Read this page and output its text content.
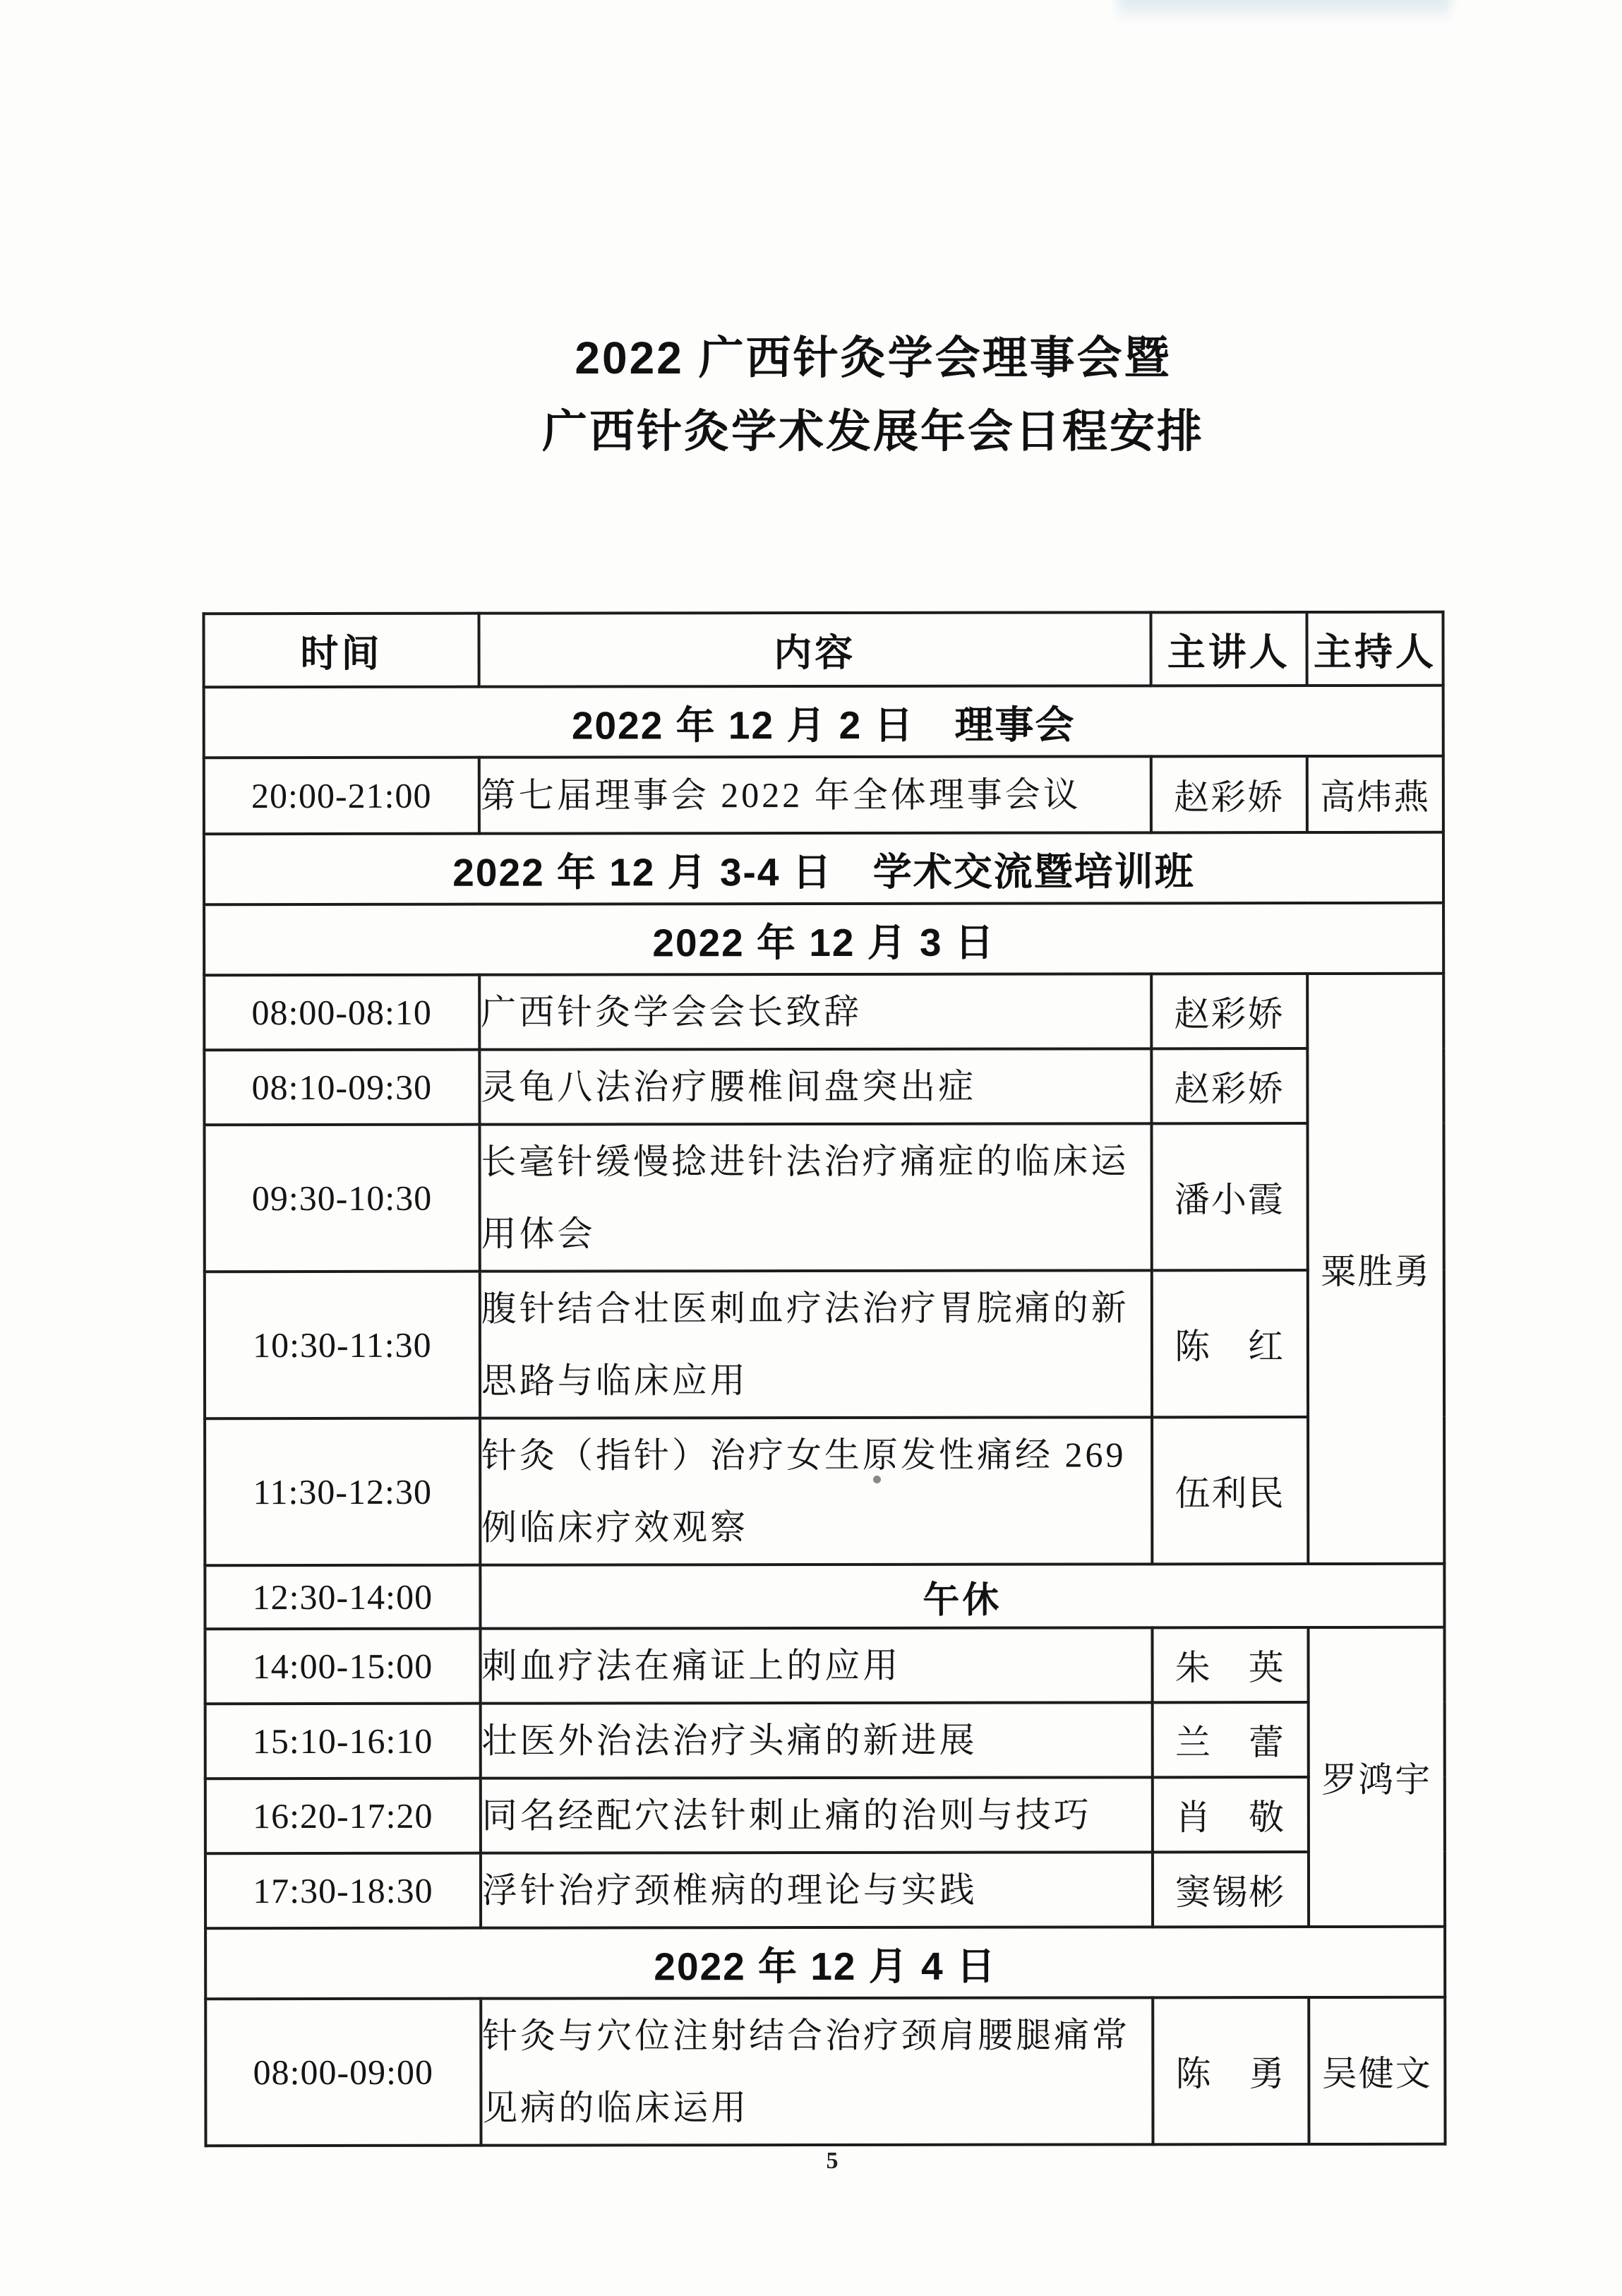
2022 广西针灸学会理事会暨
广西针灸学术发展年会日程安排
时间	内容	主讲人	主持人
2022 年 12 月 2 日　理事会			
20:00-21:00	第七届理事会 2022 年全体理事会议	赵彩娇	高炜燕
2022 年 12 月 3-4 日　学术交流暨培训班			
2022 年 12 月 3 日			
08:00-08:10	广西针灸学会会长致辞	赵彩娇	粟胜勇
08:10-09:30	灵龟八法治疗腰椎间盘突出症	赵彩娇	
09:30-10:30	长毫针缓慢捻进针法治疗痛症的临床运用体会	潘小霞	
10:30-11:30	腹针结合壮医刺血疗法治疗胃脘痛的新思路与临床应用	陈　红	
11:30-12:30	针灸（指针）治疗女生原发性痛经 269 例临床疗效观察	伍利民	
12:30-14:00	午休		
14:00-15:00	刺血疗法在痛证上的应用	朱　英	罗鸿宇
15:10-16:10	壮医外治法治疗头痛的新进展	兰　蕾	
16:20-17:20	同名经配穴法针刺止痛的治则与技巧	肖　敬	
17:30-18:30	浮针治疗颈椎病的理论与实践	窦锡彬	
2022 年 12 月 4 日			
08:00-09:00	针灸与穴位注射结合治疗颈肩腰腿痛常见病的临床运用	陈　勇	吴健文
5
